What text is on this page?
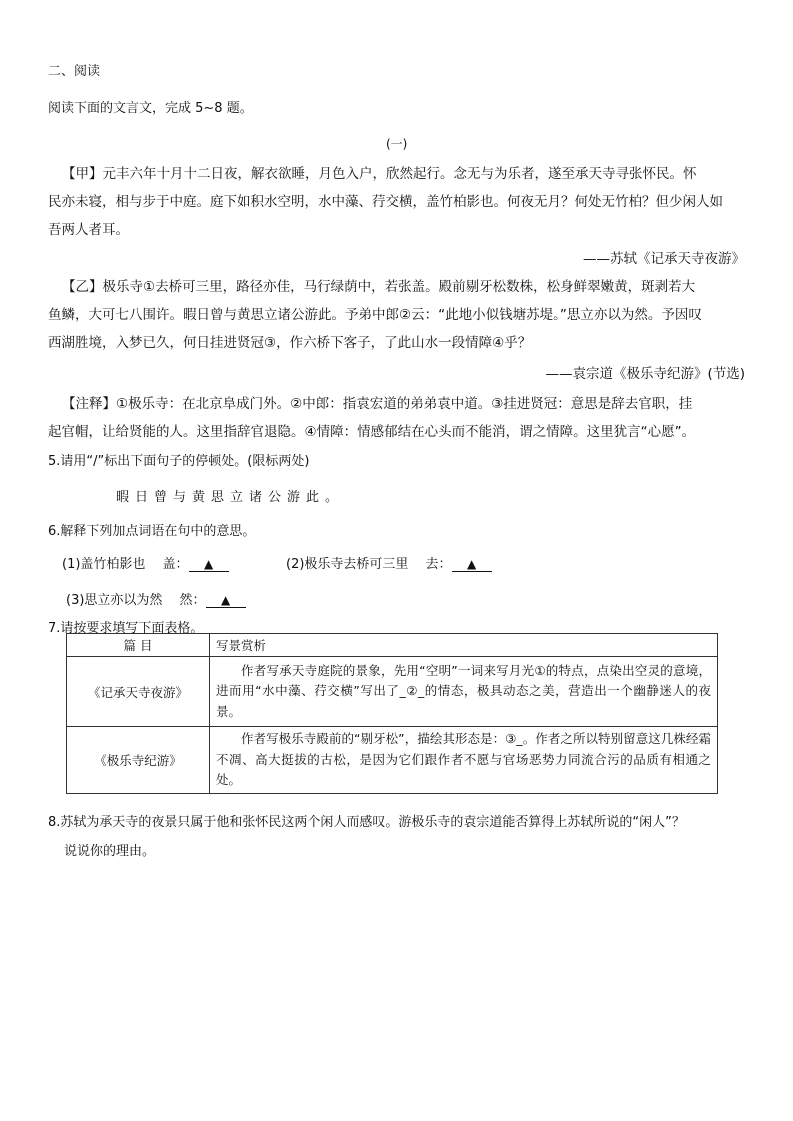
二、阅读
阅读下面的文言文，完成 5~8 题。
(一)
【甲】元丰六年十月十二日夜，解衣欲睡，月色入户，欣然起行。念无与为乐者，遂至承天寺寻张怀民。怀
民亦未寝，相与步于中庭。庭下如积水空明，水中藻、荇交横，盖竹柏影也。何夜无月？何处无竹柏？但少闲人如
吾两人者耳。
——苏轼《记承天寺夜游》
【乙】极乐寺①去桥可三里，路径亦佳，马行绿荫中，若张盖。殿前剔牙松数株，松身鲜翠嫩黄，斑剥若大
鱼鳞，大可七八围许。暇日曾与黄思立诸公游此。予弟中郎②云：“此地小似钱塘苏堤。”思立亦以为然。予因叹
西湖胜境，入梦已久，何日挂进贤冠③，作六桥下客子，了此山水一段情障④乎？
——袁宗道《极乐寺纪游》(节选)
【注释】①极乐寺：在北京阜成门外。②中郎：指袁宏道的弟弟袁中道。③挂进贤冠：意思是辞去官职，挂
起官帽，让给贤能的人。这里指辞官退隐。④情障：情感郁结在心头而不能消，谓之情障。这里犹言“心愿”。
5.请用“/”标出下面句子的停顿处。(限标两处)
暇日曾与黄思立诸公游此。
6.解释下列加点词语在句中的意思。
(1)盖竹柏影也　 盖： ▲	(2)极乐寺去桥可三里　 去： ▲
(3)思立亦以为然　 然： ▲
7.请按要求填写下面表格。
篇 目	写景赏析
《记承天寺夜游》	作者写承天寺庭院的景象，先用“空明”一词来写月光①的特点，点染出空灵的意境，进而用“水中藻、荇交横”写出了_②_的情态，极具动态之美，营造出一个幽静迷人的夜景。
《极乐寺纪游》	作者写极乐寺殿前的“剔牙松”，描绘其形态是：③_。作者之所以特别留意这几株经霜不凋、高大挺拔的古松，是因为它们跟作者不愿与官场恶势力同流合污的品质有相通之处。
8.苏轼为承天寺的夜景只属于他和张怀民这两个闲人而感叹。游极乐寺的袁宗道能否算得上苏轼所说的“闲人”？
说说你的理由。
